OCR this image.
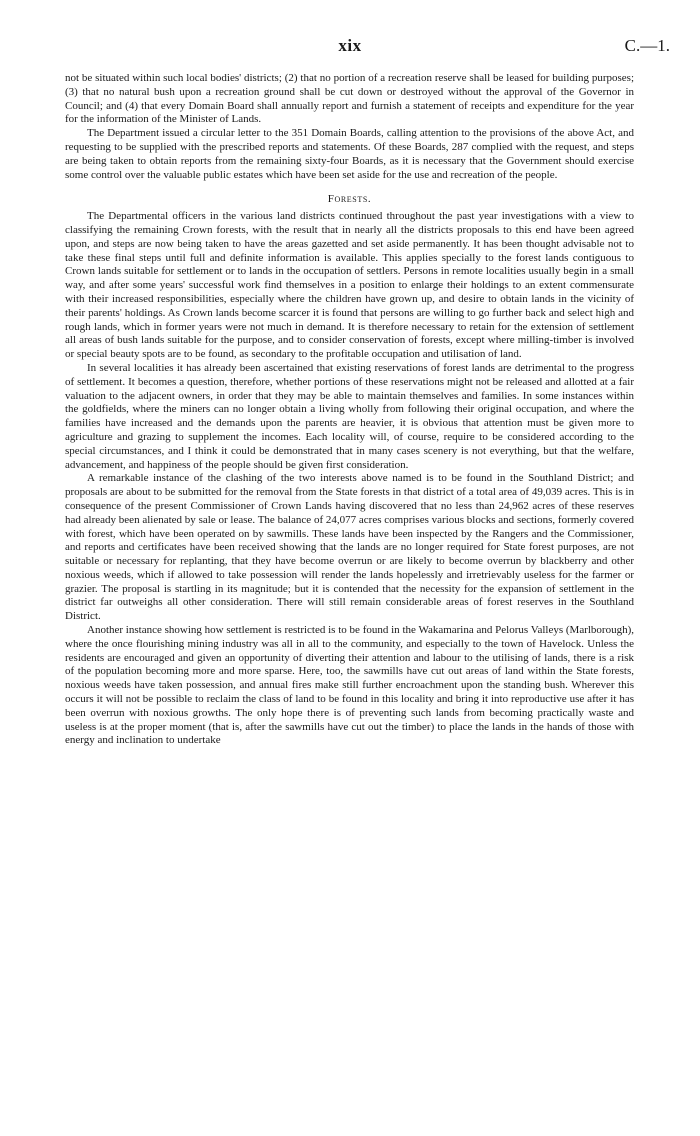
xix	C.—1.

not be situated within such local bodies' districts; (2) that no portion of a recreation reserve shall be leased for building purposes; (3) that no natural bush upon a recreation ground shall be cut down or destroyed without the approval of the Governor in Council; and (4) that every Domain Board shall annually report and furnish a statement of receipts and expenditure for the year for the information of the Minister of Lands.

The Department issued a circular letter to the 351 Domain Boards, calling attention to the provisions of the above Act, and requesting to be supplied with the prescribed reports and statements. Of these Boards, 287 complied with the request, and steps are being taken to obtain reports from the remaining sixty-four Boards, as it is necessary that the Government should exercise some control over the valuable public estates which have been set aside for the use and recreation of the people.

Forests.

The Departmental officers in the various land districts continued throughout the past year investigations with a view to classifying the remaining Crown forests, with the result that in nearly all the districts proposals to this end have been agreed upon, and steps are now being taken to have the areas gazetted and set aside permanently. It has been thought advisable not to take these final steps until full and definite information is available. This applies specially to the forest lands contiguous to Crown lands suitable for settlement or to lands in the occupation of settlers. Persons in remote localities usually begin in a small way, and after some years' successful work find themselves in a position to enlarge their holdings to an extent commensurate with their increased responsibilities, especially where the children have grown up, and desire to obtain lands in the vicinity of their parents' holdings. As Crown lands become scarcer it is found that persons are willing to go further back and select high and rough lands, which in former years were not much in demand. It is therefore necessary to retain for the extension of settlement all areas of bush lands suitable for the purpose, and to consider conservation of forests, except where milling-timber is involved or special beauty spots are to be found, as secondary to the profitable occupation and utilisation of land.

In several localities it has already been ascertained that existing reservations of forest lands are detrimental to the progress of settlement. It becomes a question, therefore, whether portions of these reservations might not be released and allotted at a fair valuation to the adjacent owners, in order that they may be able to maintain themselves and families. In some instances within the goldfields, where the miners can no longer obtain a living wholly from following their original occupation, and where the families have increased and the demands upon the parents are heavier, it is obvious that attention must be given more to agriculture and grazing to supplement the incomes. Each locality will, of course, require to be considered according to the special circumstances, and I think it could be demonstrated that in many cases scenery is not everything, but that the welfare, advancement, and happiness of the people should be given first consideration.

A remarkable instance of the clashing of the two interests above named is to be found in the Southland District; and proposals are about to be submitted for the removal from the State forests in that district of a total area of 49,039 acres. This is in consequence of the present Commissioner of Crown Lands having discovered that no less than 24,962 acres of these reserves had already been alienated by sale or lease. The balance of 24,077 acres comprises various blocks and sections, formerly covered with forest, which have been operated on by sawmills. These lands have been inspected by the Rangers and the Commissioner, and reports and certificates have been received showing that the lands are no longer required for State forest purposes, are not suitable or necessary for replanting, that they have become overrun or are likely to become overrun by blackberry and other noxious weeds, which if allowed to take possession will render the lands hopelessly and irretrievably useless for the farmer or grazier. The proposal is startling in its magnitude; but it is contended that the necessity for the expansion of settlement in the district far outweighs all other consideration. There will still remain considerable areas of forest reserves in the Southland District.

Another instance showing how settlement is restricted is to be found in the Wakamarina and Pelorus Valleys (Marlborough), where the once flourishing mining industry was all in all to the community, and especially to the town of Havelock. Unless the residents are encouraged and given an opportunity of diverting their attention and labour to the utilising of lands, there is a risk of the population becoming more and more sparse. Here, too, the sawmills have cut out areas of land within the State forests, noxious weeds have taken possession, and annual fires make still further encroachment upon the standing bush. Wherever this occurs it will not be possible to reclaim the class of land to be found in this locality and bring it into reproductive use after it has been overrun with noxious growths. The only hope there is of preventing such lands from becoming practically waste and useless is at the proper moment (that is, after the sawmills have cut out the timber) to place the lands in the hands of those with energy and inclination to undertake
